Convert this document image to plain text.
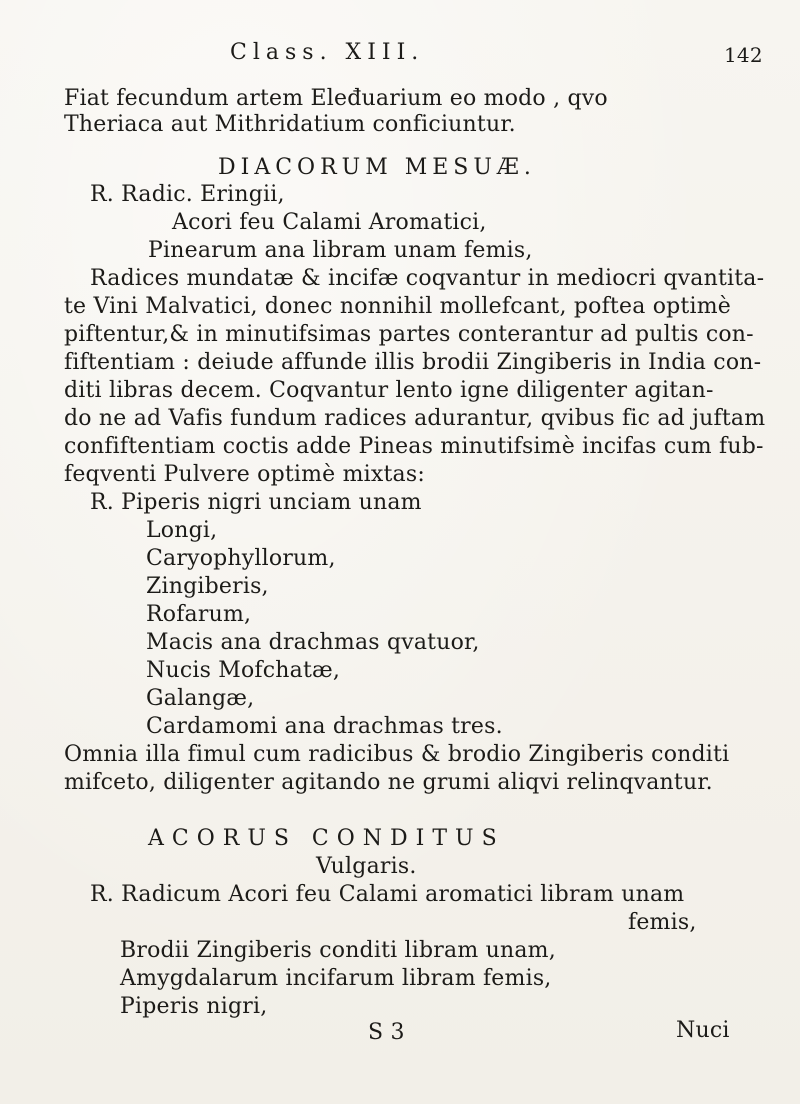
Class. XIII.	142
Fiat fecundum artem Eleđuarium eo modo , qvo
Theriaca aut Mithridatium conficiuntur.
DIACORUM MESUÆ.
R. Radic. Eringii,
Acori feu Calami Aromatici,
Pinearum ana libram unam femis,
Radices mundatæ & incifæ coqvantur in mediocri qvantita-
te Vini Malvatici, donec nonnihil mollefcant, poftea optimè
piftentur,& in minutifsimas partes conterantur ad pultis con-
fiftentiam : deiude affunde illis brodii Zingiberis in India con-
diti libras decem. Coqvantur lento igne diligenter agitan-
do ne ad Vafis fundum radices adurantur, qvibus fic ad juftam
confiftentiam coctis adde Pineas minutifsimè incifas cum fub-
feqventi Pulvere optimè mixtas:
R. Piperis nigri unciam unam
Longi,
Caryophyllorum,
Zingiberis,
Rofarum,
Macis ana drachmas qvatuor,
Nucis Mofchatæ,
Galangæ,
Cardamomi ana drachmas tres.
Omnia illa fimul cum radicibus & brodio Zingiberis conditi
mifceto, diligenter agitando ne grumi aliqvi relinqvantur.
ACORUS CONDITUS
Vulgaris.
R. Radicum Acori feu Calami aromatici libram unam
femis,
Brodii Zingiberis conditi libram unam,
Amygdalarum incifarum libram femis,
Piperis nigri,
S 3	Nuci
